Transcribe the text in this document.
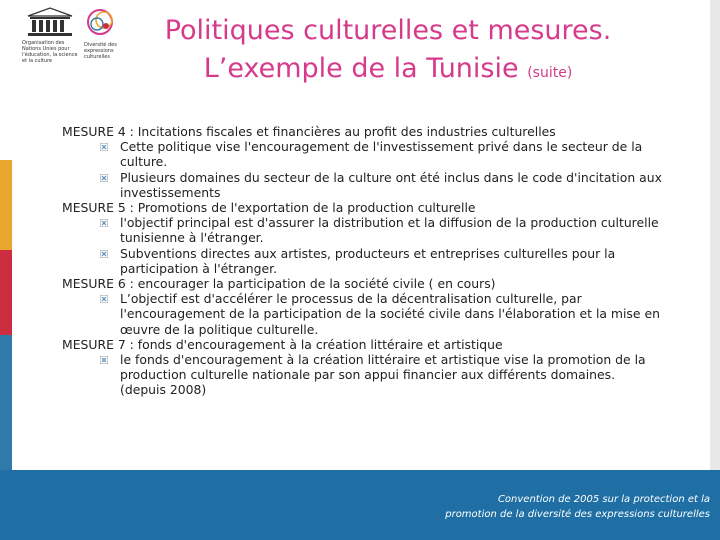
Organisation des Nations Unies pour l'éducation, la science et la culture
Diversité des expressions culturelles
Politiques culturelles et mesures.
L’exemple de la Tunisie (suite)
MESURE 4 : Incitations fiscales et financières au profit des industries culturelles
Cette politique vise l'encouragement de l'investissement privé dans le secteur de la culture.
Plusieurs domaines du secteur de la culture ont été inclus dans le code d'incitation aux investissements
MESURE 5 : Promotions de l'exportation de la production culturelle
l'objectif principal est d'assurer la distribution et la diffusion de la production culturelle tunisienne à l'étranger.
Subventions directes aux artistes, producteurs et entreprises culturelles pour la participation à l'étranger.
MESURE 6 : encourager la participation de la société civile ( en cours)
L’objectif est d'accélérer le processus de la décentralisation culturelle, par l'encouragement de la participation de la société civile dans l'élaboration et la mise en œuvre de la politique culturelle.
MESURE 7 : fonds d'encouragement à la création littéraire et artistique
le fonds d'encouragement à la création littéraire et artistique vise la promotion de la production culturelle nationale par son appui financier aux différents domaines. (depuis 2008)
Convention de 2005 sur la protection et la
promotion de la diversité des expressions culturelles
